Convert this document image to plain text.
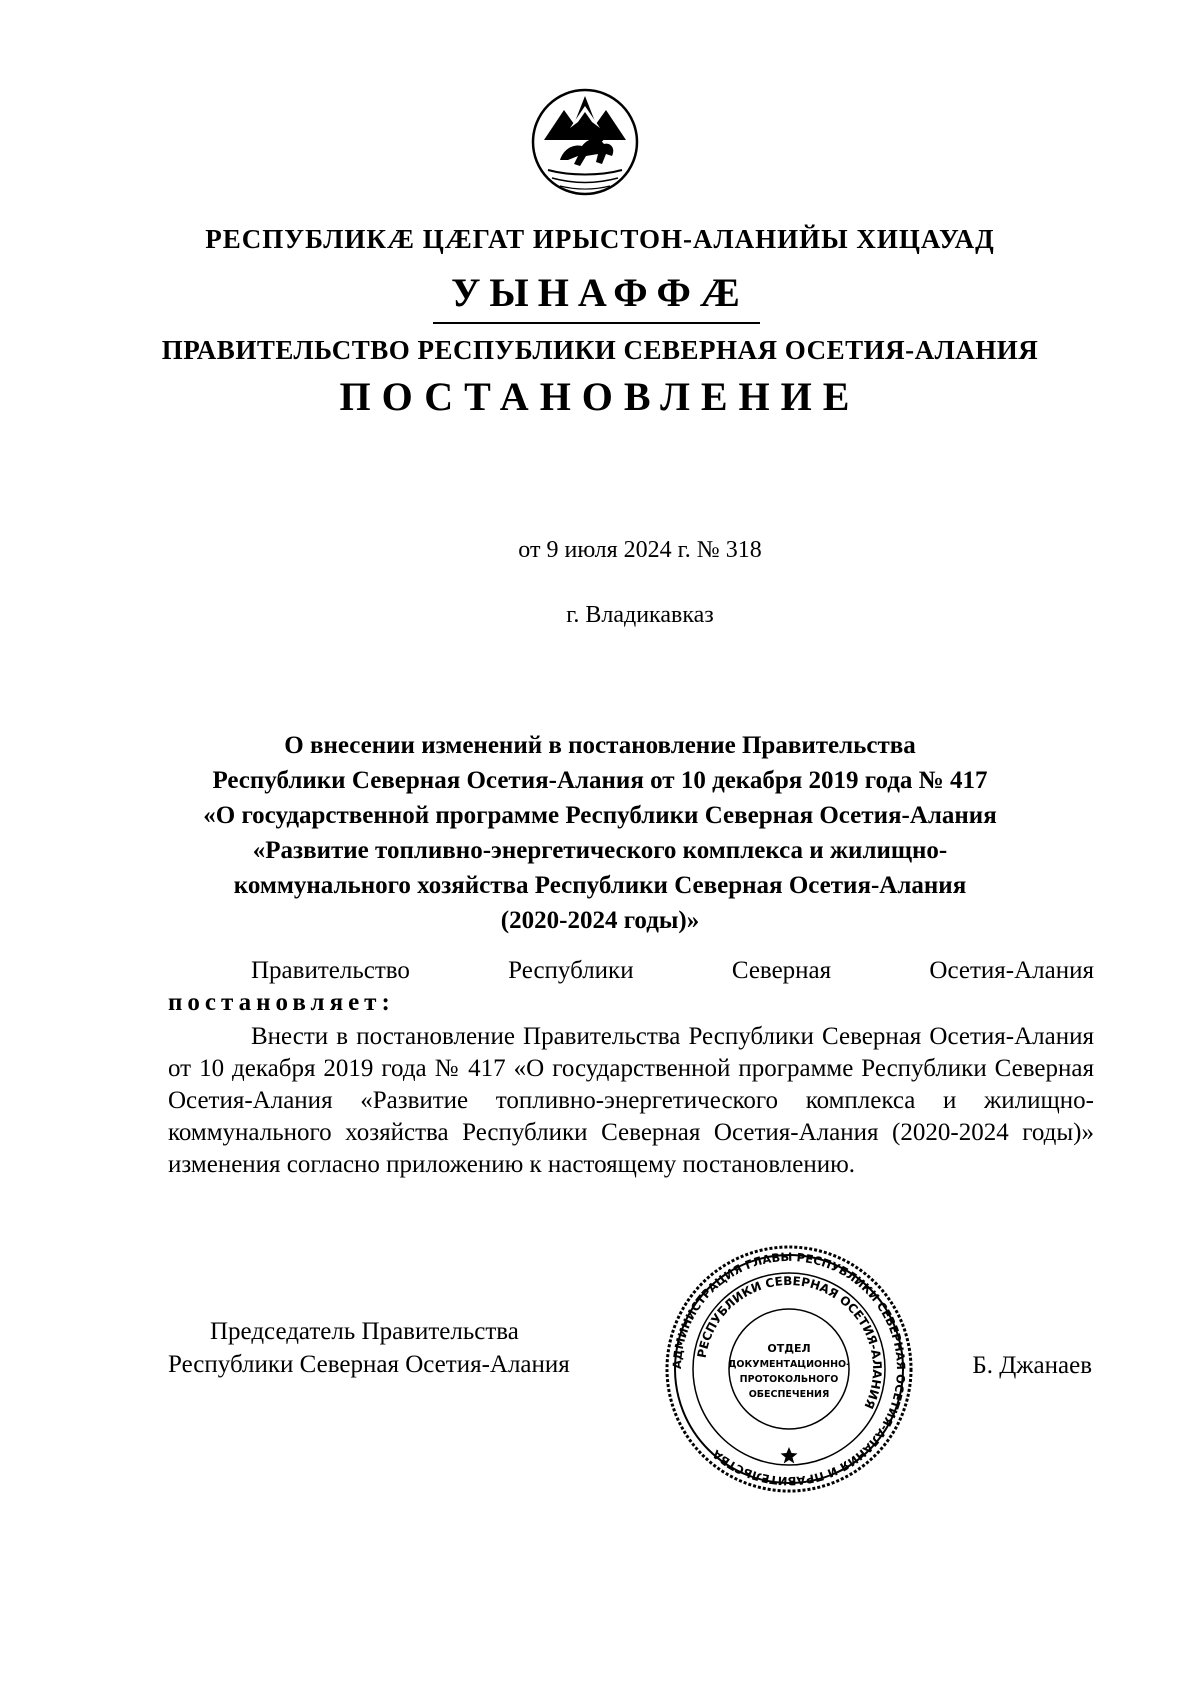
РЕСПУБЛИКÆ ЦÆГАТ ИРЫСТОН-АЛАНИЙЫ ХИЦАУАД
УЫНАФФÆ
ПРАВИТЕЛЬСТВО РЕСПУБЛИКИ СЕВЕРНАЯ ОСЕТИЯ-АЛАНИЯ
ПОСТАНОВЛЕНИЕ
от 9 июля 2024 г. № 318
г. Владикавказ
О внесении изменений в постановление Правительства
Республики Северная Осетия-Алания от 10 декабря 2019 года № 417
«О государственной программе Республики Северная Осетия-Алания
«Развитие топливно-энергетического комплекса и жилищно-
коммунального хозяйства Республики Северная Осетия-Алания
(2020-2024 годы)»
Правительство	Республики	Северная	Осетия-Алания
постановляет:
Внести в постановление Правительства Республики Северная Осетия-Алания от 10 декабря 2019 года № 417 «О государственной программе Республики Северная Осетия-Алания «Развитие топливно-энергетического комплекса и жилищно-коммунального хозяйства Республики Северная Осетия-Алания (2020-2024 годы)» изменения согласно приложению к настоящему постановлению.
Председатель Правительства
Республики Северная Осетия-Алания	Б. Джанаев
АДМИНИСТРАЦИЯ ГЛАВЫ РЕСПУБЛИКИ СЕВЕРНАЯ ОСЕТИЯ-АЛАНИЯ И ПРАВИТЕЛЬСТВА
РЕСПУБЛИКИ СЕВЕРНАЯ ОСЕТИЯ-АЛАНИЯ
ОТДЕЛ
ДОКУМЕНТАЦИОННО-
ПРОТОКОЛЬНОГО
ОБЕСПЕЧЕНИЯ
